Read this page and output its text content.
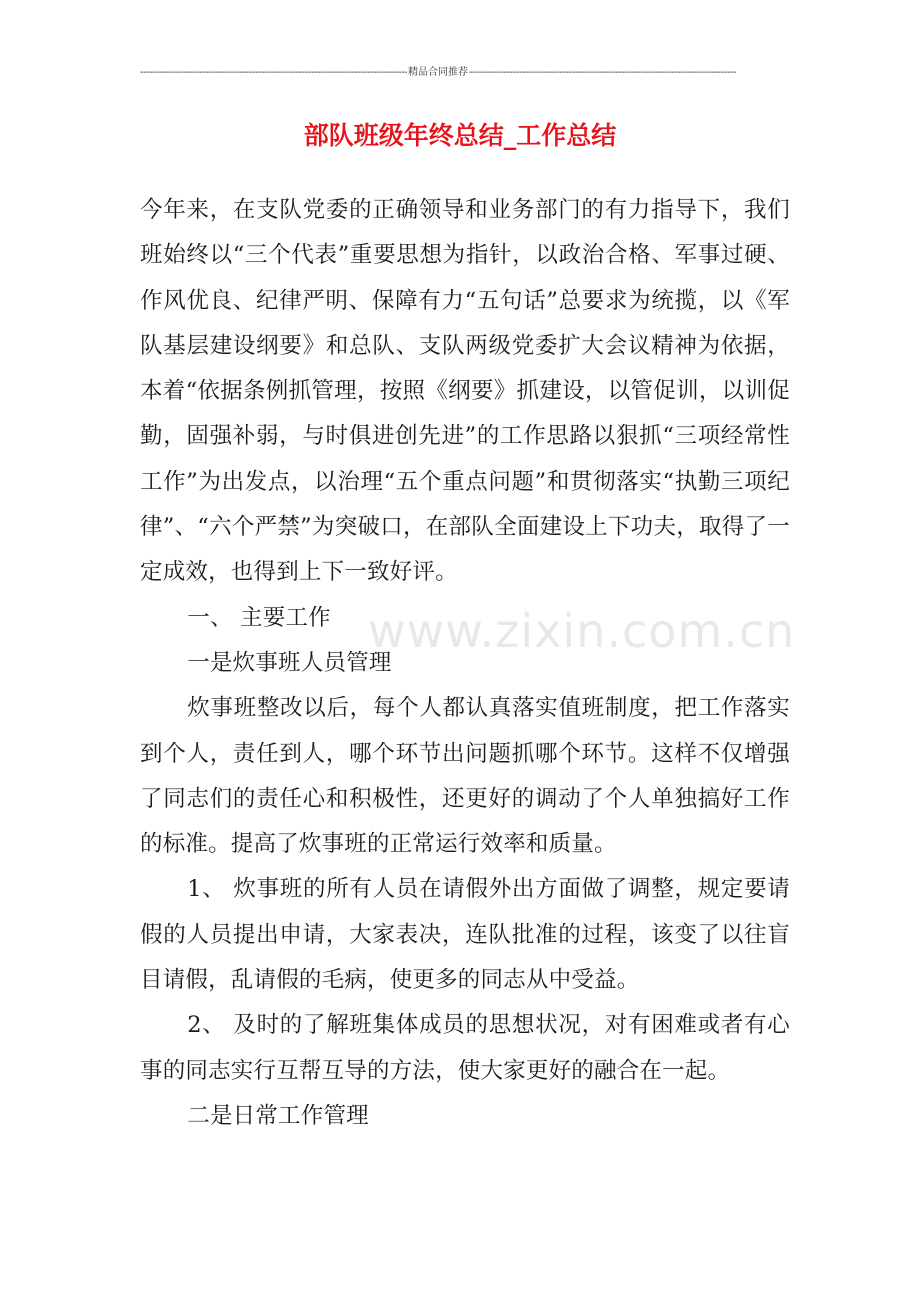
-----
精品合同推荐
-----
部队班级年终总结_工作总结
www.zixin.com.cn

今年来，在支队党委的正确领导和业务部门的有力指导下，我们班始终以“三个代表”重要思想为指针，以政治合格、军事过硬、作风优良、纪律严明、保障有力“五句话”总要求为统揽，以《军队基层建设纲要》和总队、支队两级党委扩大会议精神为依据，本着“依据条例抓管理，按照《纲要》抓建设，以管促训，以训促勤，固强补弱，与时俱进创先进”的工作思路以狠抓“三项经常性工作”为出发点，以治理“五个重点问题”和贯彻落实“执勤三项纪律”、“六个严禁”为突破口，在部队全面建设上下功夫，取得了一定成效，也得到上下一致好评。

一、 主要工作

一是炊事班人员管理

炊事班整改以后，每个人都认真落实值班制度，把工作落实到个人，责任到人，哪个环节出问题抓哪个环节。这样不仅增强了同志们的责任心和积极性，还更好的调动了个人单独搞好工作的标准。提高了炊事班的正常运行效率和质量。

1、 炊事班的所有人员在请假外出方面做了调整，规定要请假的人员提出申请，大家表决，连队批准的过程，该变了以往盲目请假，乱请假的毛病，使更多的同志从中受益。

2、 及时的了解班集体成员的思想状况，对有困难或者有心事的同志实行互帮互导的方法，使大家更好的融合在一起。

二是日常工作管理
